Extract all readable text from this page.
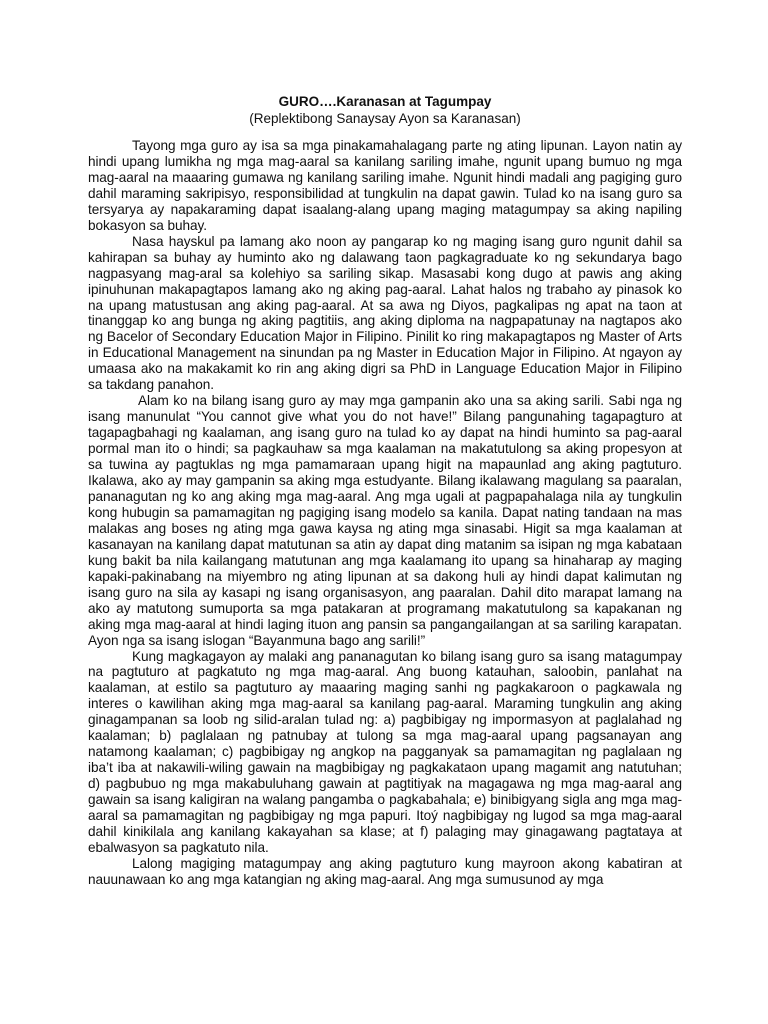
GURO….Karanasan at Tagumpay

(Replektibong Sanaysay Ayon sa Karanasan)

Tayong mga guro ay isa sa mga pinakamahalagang parte ng ating lipunan. Layon natin ay hindi upang lumikha ng mga mag-aaral sa kanilang sariling imahe, ngunit upang bumuo ng mga mag-aaral na maaaring gumawa ng kanilang sariling imahe. Ngunit hindi madali ang pagiging guro dahil maraming sakripisyo, responsibilidad at tungkulin na dapat gawin. Tulad ko na isang guro sa tersyarya ay napakaraming dapat isaalang-alang upang maging matagumpay sa aking napiling bokasyon sa buhay.

Nasa hayskul pa lamang ako noon ay pangarap ko ng maging isang guro ngunit dahil sa kahirapan sa buhay ay huminto ako ng dalawang taon pagkagraduate ko ng sekundarya bago nagpasyang mag-aral sa kolehiyo sa sariling sikap. Masasabi kong dugo at pawis ang aking ipinuhunan makapagtapos lamang ako ng aking pag-aaral. Lahat halos ng trabaho ay pinasok ko na upang matustusan ang aking pag-aaral. At sa awa ng Diyos, pagkalipas ng apat na taon at tinanggap ko ang bunga ng aking pagtitiis, ang aking diploma na nagpapatunay na nagtapos ako ng Bacelor of Secondary Education Major in Filipino. Pinilit ko ring makapagtapos ng Master of Arts in Educational Management na sinundan pa ng Master in Education Major in Filipino. At ngayon ay umaasa ako na makakamit ko rin ang aking digri sa PhD in Language Education Major in Filipino sa takdang panahon.

Alam ko na bilang isang guro ay may mga gampanin ako una sa aking sarili. Sabi nga ng isang manunulat “You cannot give what you do not have!” Bilang pangunahing tagapagturo at tagapagbahagi ng kaalaman, ang isang guro na tulad ko ay dapat na hindi huminto sa pag-aaral pormal man ito o hindi; sa pagkauhaw sa mga kaalaman na makatutulong sa aking propesyon at sa tuwina ay pagtuklas ng mga pamamaraan upang higit na mapaunlad ang aking pagtuturo. Ikalawa, ako ay may gampanin sa aking mga estudyante. Bilang ikalawang magulang sa paaralan, pananagutan ng ko ang aking mga mag-aaral. Ang mga ugali at pagpapahalaga nila ay tungkulin kong hubugin sa pamamagitan ng pagiging isang modelo sa kanila. Dapat nating tandaan na mas malakas ang boses ng ating mga gawa kaysa ng ating mga sinasabi. Higit sa mga kaalaman at kasanayan na kanilang dapat matutunan sa atin ay dapat ding matanim sa isipan ng mga kabataan kung bakit ba nila kailangang matutunan ang mga kaalamang ito upang sa hinaharap ay maging kapaki-pakinabang na miyembro ng ating lipunan at sa dakong huli ay hindi dapat kalimutan ng isang guro na sila ay kasapi ng isang organisasyon, ang paaralan. Dahil dito marapat lamang na ako ay matutong sumuporta sa mga patakaran at programang makatutulong sa kapakanan ng aking mga mag-aaral at hindi laging ituon ang pansin sa pangangailangan at sa sariling karapatan. Ayon nga sa isang islogan “Bayanmuna bago ang sarili!”

Kung magkagayon ay malaki ang pananagutan ko bilang isang guro sa isang matagumpay na pagtuturo at pagkatuto ng mga mag-aaral. Ang buong katauhan, saloobin, panlahat na kaalaman, at estilo sa pagtuturo ay maaaring maging sanhi ng pagkakaroon o pagkawala ng interes o kawilihan aking mga mag-aaral sa kanilang pag-aaral. Maraming tungkulin ang aking ginagampanan sa loob ng silid-aralan tulad ng: a) pagbibigay ng impormasyon at paglalahad ng kaalaman; b) paglalaan ng patnubay at tulong sa mga mag-aaral upang pagsanayan ang natamong kaalaman; c) pagbibigay ng angkop na pagganyak sa pamamagitan ng paglalaan ng iba’t iba at nakawili-wiling gawain na magbibigay ng pagkakataon upang magamit ang natutuhan; d) pagbubuo ng mga makabuluhang gawain at pagtitiyak na magagawa ng mga mag-aaral ang gawain sa isang kaligiran na walang pangamba o pagkabahala; e) binibigyang sigla ang mga mag-aaral sa pamamagitan ng pagbibigay ng mga papuri. Itoý nagbibigay ng lugod sa mga mag-aaral dahil kinikilala ang kanilang kakayahan sa klase; at f) palaging may ginagawang pagtataya at ebalwasyon sa pagkatuto nila.

Lalong magiging matagumpay ang aking pagtuturo kung mayroon akong kabatiran at nauunawaan ko ang mga katangian ng aking mag-aaral. Ang mga sumusunod ay mga
